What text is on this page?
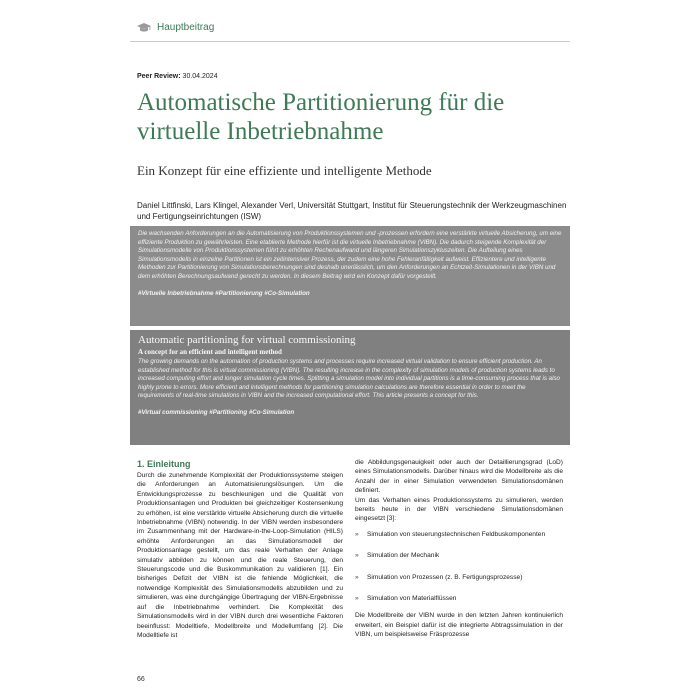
Hauptbeitrag
Peer Review: 30.04.2024
Automatische Partitionierung für die virtuelle Inbetriebnahme
Ein Konzept für eine effiziente und intelligente Methode
Daniel Littfinski, Lars Klingel, Alexander Verl, Universität Stuttgart, Institut für Steuerungstechnik der Werkzeugmaschinen und Fertigungseinrichtungen (ISW)
Die wachsenden Anforderungen an die Automatisierung von Produktionssystemen und -prozessen erfordern eine verstärkte virtuelle Absicherung, um eine effiziente Produktion zu gewährleisten. Eine etablierte Methode hierfür ist die virtuelle Inbetriebnahme (VIBN). Die dadurch steigende Komplexität der Simulationsmodelle von Produktionssystemen führt zu erhöhten Rechenaufwand und längeren Simulationszykluszeiten. Die Aufteilung eines Simulationsmodells in einzelne Partitionen ist ein zeitintensiver Prozess, der zudem eine hohe Fehleranfälligkeit aufweist. Effizientere und intelligente Methoden zur Partitionierung von Simulationsberechnungen sind deshalb unerlässlich, um den Anforderungen an Echtzeit-Simulationen in der VIBN und dem erhöhten Berechnungsaufwand gerecht zu werden. In diesem Beitrag wird ein Konzept dafür vorgestellt.
#Virtuelle Inbetriebnahme #Partitionierung #Co-Simulation
Automatic partitioning for virtual commissioning
A concept for an efficient and intelligent method
The growing demands on the automation of production systems and processes require increased virtual validation to ensure efficient production. An established method for this is virtual commissioning (VIBN). The resulting increase in the complexity of simulation models of production systems leads to increased computing effort and longer simulation cycle times. Splitting a simulation model into individual partitions is a time-consuming process that is also highly prone to errors. More efficient and intelligent methods for partitioning simulation calculations are therefore essential in order to meet the requirements of real-time simulations in VIBN and the increased computational effort. This article presents a concept for this.
#Virtual commissioning #Partitioning #Co-Simulation
1. Einleitung
Durch die zunehmende Komplexität der Produktionssysteme steigen die Anforderungen an Automatisierungslösungen. Um die Entwicklungsprozesse zu beschleunigen und die Qualität von Produktionsanlagen und Produkten bei gleichzeitiger Kostensenkung zu erhöhen, ist eine verstärkte virtuelle Absicherung durch die virtuelle Inbetriebnahme (VIBN) notwendig. In der VIBN werden insbesondere im Zusammenhang mit der Hardware-in-the-Loop-Simulation (HILS) erhöhte Anforderungen an das Simulationsmodell der Produktionsanlage gestellt, um das reale Verhalten der Anlage simulativ abbilden zu können und die reale Steuerung, den Steuerungscode und die Buskommunikation zu validieren [1]. Ein bisheriges Defizit der VIBN ist die fehlende Möglichkeit, die notwendige Komplexität des Simulationsmodells abzubilden und zu simulieren, was eine durchgängige Übertragung der VIBN-Ergebnisse auf die Inbetriebnahme verhindert. Die Komplexität des Simulationsmodells wird in der VIBN durch drei wesentliche Faktoren beeinflusst: Modelltiefe, Modellbreite und Modellumfang [2]. Die Modelltiefe ist

die Abbildungsgenauigkeit oder auch der Detaillierungsgrad (LoD) eines Simulationsmodells. Darüber hinaus wird die Modellbreite als die Anzahl der in einer Simulation verwendeten Simulationsdomänen definiert.

Um das Verhalten eines Produktionssystems zu simulieren, werden bereits heute in der VIBN verschiedene Simulationsdomänen eingesetzt [3]:

»	Simulation von steuerungstechnischen Feldbuskomponenten
»	Simulation der Mechanik
»	Simulation von Prozessen (z. B. Fertigungsprozesse)
»	Simulation von Materialflüssen

Die Modellbreite der VIBN wurde in den letzten Jahren kontinuierlich erweitert, ein Beispiel dafür ist die integrierte Abtragssimulation in der VIBN, um beispielsweise Fräsprozesse

66
